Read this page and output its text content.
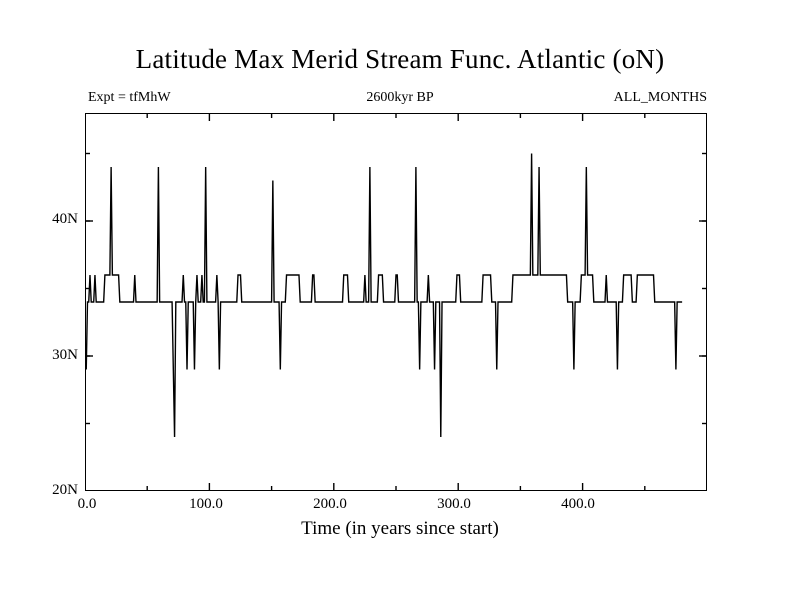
Latitude Max Merid Stream Func. Atlantic (oN)
Expt = tfMhW	2600kyr BP	ALL_MONTHS
40N
30N
20N
0.0	100.0	200.0	300.0	400.0
Time (in years since start)
